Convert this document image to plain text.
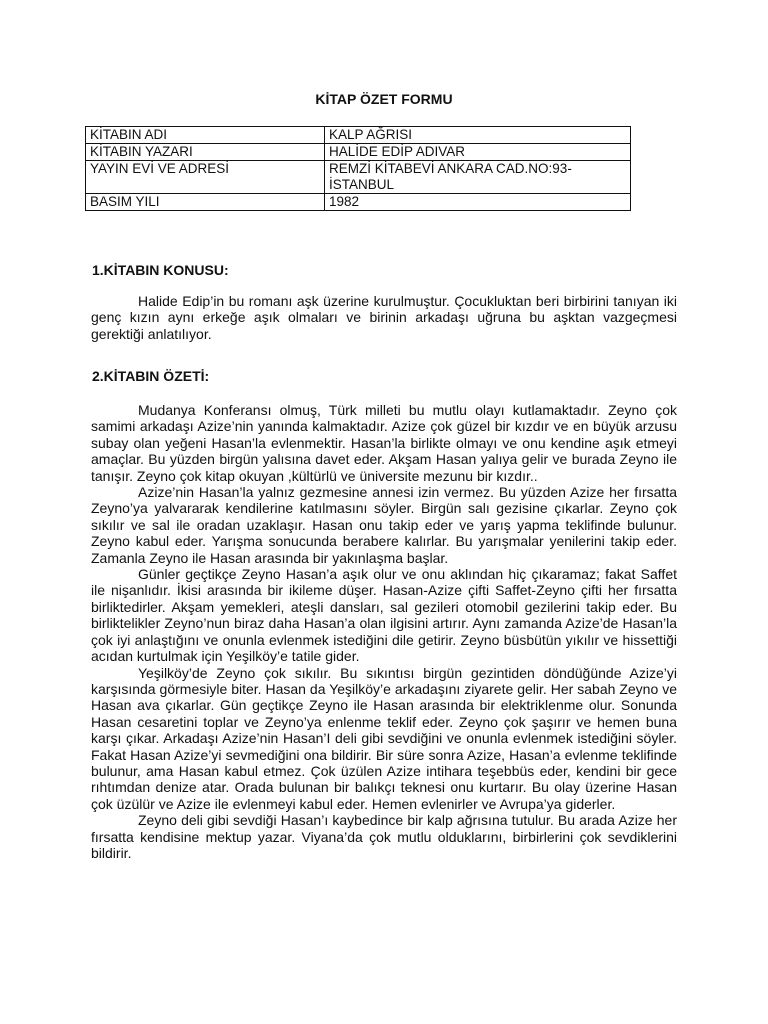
KİTAP ÖZET FORMU
KİTABIN ADI	KALP AĞRISI
KİTABIN YAZARI	HALİDE EDİP ADIVAR
YAYIN EVİ VE ADRESİ	REMZİ KİTABEVİ ANKARA CAD.NO:93-İSTANBUL
BASIM YILI	1982
1.KİTABIN KONUSU:

Halide Edip’in bu romanı aşk üzerine kurulmuştur. Çocukluktan beri birbirini tanıyan iki genç kızın aynı erkeğe aşık olmaları ve birinin arkadaşı uğruna bu aşktan vazgeçmesi gerektiği anlatılıyor.

2.KİTABIN ÖZETİ:

Mudanya Konferansı olmuş, Türk milleti bu mutlu olayı kutlamaktadır. Zeyno çok samimi arkadaşı Azize’nin yanında kalmaktadır. Azize çok güzel bir kızdır ve en büyük arzusu subay olan yeğeni Hasan’la evlenmektir. Hasan’la birlikte olmayı ve onu kendine aşık etmeyi amaçlar. Bu yüzden birgün yalısına davet eder. Akşam Hasan yalıya gelir ve burada Zeyno ile tanışır. Zeyno çok kitap okuyan ,kültürlü ve üniversite mezunu bir kızdır..

Azize’nin Hasan’la yalnız gezmesine annesi izin vermez. Bu yüzden Azize her fırsatta Zeyno’ya yalvararak kendilerine katılmasını söyler. Birgün salı gezisine çıkarlar. Zeyno çok sıkılır ve sal ile oradan uzaklaşır. Hasan onu takip eder ve yarış yapma teklifinde bulunur. Zeyno kabul eder. Yarışma sonucunda berabere kalırlar. Bu yarışmalar yenilerini takip eder. Zamanla Zeyno ile Hasan arasında bir yakınlaşma başlar.

Günler geçtikçe Zeyno Hasan’a aşık olur ve onu aklından hiç çıkaramaz; fakat Saffet ile nişanlıdır. İkisi arasında bir ikileme düşer. Hasan-Azize çifti Saffet-Zeyno çifti her fırsatta birliktedirler. Akşam yemekleri, ateşli dansları, sal gezileri otomobil gezilerini takip eder. Bu birliktelikler Zeyno’nun biraz daha Hasan’a olan ilgisini artırır. Aynı zamanda Azize’de Hasan’la çok iyi anlaştığını ve onunla evlenmek istediğini dile getirir. Zeyno büsbütün yıkılır ve hissettiği acıdan kurtulmak için Yeşilköy’e tatile gider.

Yeşilköy’de Zeyno çok sıkılır. Bu sıkıntısı birgün gezintiden döndüğünde Azize’yi karşısında görmesiyle biter. Hasan da Yeşilköy’e arkadaşını ziyarete gelir. Her sabah Zeyno ve Hasan ava çıkarlar. Gün geçtikçe Zeyno ile Hasan arasında bir elektriklenme olur. Sonunda Hasan cesaretini toplar ve Zeyno’ya enlenme teklif eder. Zeyno çok şaşırır ve hemen buna karşı çıkar. Arkadaşı Azize’nin Hasan’I deli gibi sevdiğini ve onunla evlenmek istediğini söyler. Fakat Hasan Azize’yi sevmediğini ona bildirir. Bir süre sonra Azize, Hasan’a evlenme teklifinde bulunur, ama Hasan kabul etmez. Çok üzülen Azize intihara teşebbüs eder, kendini bir gece rıhtımdan denize atar. Orada bulunan bir balıkçı teknesi onu kurtarır. Bu olay üzerine Hasan çok üzülür ve Azize ile evlenmeyi kabul eder. Hemen evlenirler ve Avrupa’ya giderler.

Zeyno deli gibi sevdiği Hasan’ı kaybedince bir kalp ağrısına tutulur. Bu arada Azize her fırsatta kendisine mektup yazar. Viyana’da çok mutlu olduklarını, birbirlerini çok sevdiklerini bildirir.
